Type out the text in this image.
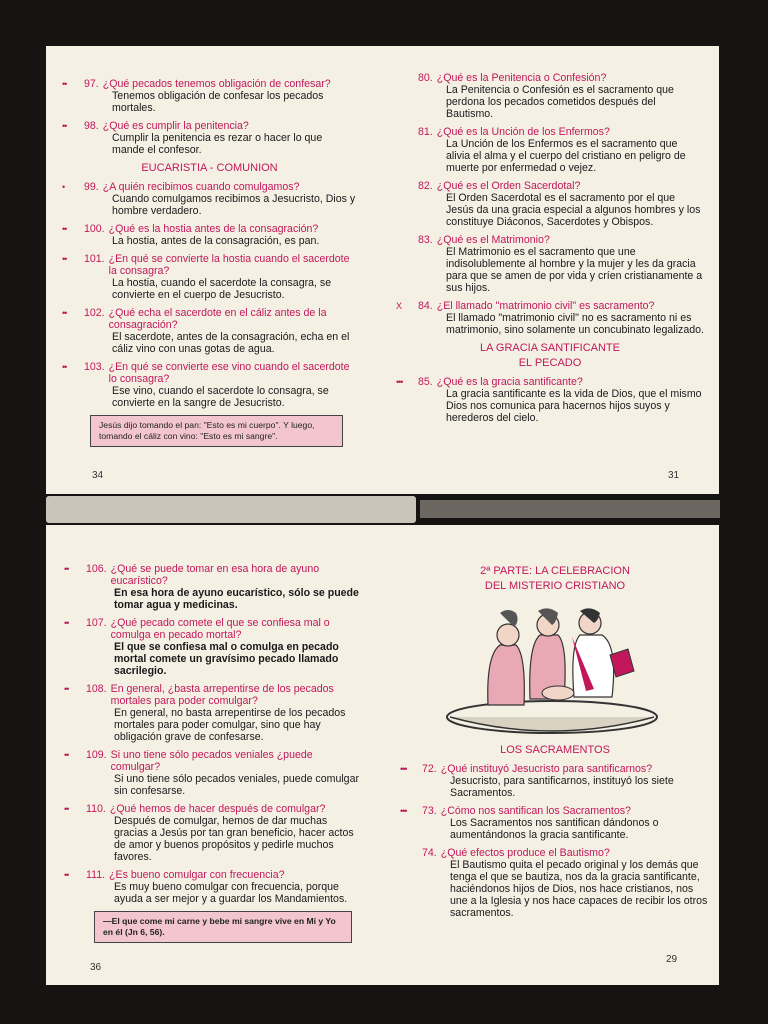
••	97. ¿Qué pecados tenemos obligación de confesar?
Tenemos obligación de confesar los pecados mortales.
••	98. ¿Qué es cumplir la penitencia?
Cumplir la penitencia es rezar o hacer lo que mande el confesor.
EUCARISTIA - COMUNION
•	99. ¿A quién recibimos cuando comulgamos?
Cuando comulgamos recibimos a Jesucristo, Dios y hombre verdadero.
••	100. ¿Qué es la hostia antes de la consagración?
La hostia, antes de la consagración, es pan.
••	101. ¿En qué se convierte la hostia cuando el sacerdote la consagra?
La hostia, cuando el sacerdote la consagra, se convierte en el cuerpo de Jesucristo.
••	102. ¿Qué echa el sacerdote en el cáliz antes de la consagración?
El sacerdote, antes de la consagración, echa en el cáliz vino con unas gotas de agua.
••	103. ¿En qué se convierte ese vino cuando el sacerdote lo consagra?
Ese vino, cuando el sacerdote lo consagra, se convierte en la sangre de Jesucristo.
Jesús dijo tomando el pan: "Esto es mi cuerpo". Y luego, tomando el cáliz con vino: "Esto es mi sangre".
34
80. ¿Qué es la Penitencia o Confesión?
La Penitencia o Confesión es el sacramento que perdona los pecados cometidos después del Bautismo.
81. ¿Qué es la Unción de los Enfermos?
La Unción de los Enfermos es el sacramento que alivia el alma y el cuerpo del cristiano en peligro de muerte por enfermedad o vejez.
82. ¿Qué es el Orden Sacerdotal?
El Orden Sacerdotal es el sacramento por el que Jesús da una gracia especial a algunos hombres y los constituye Diáconos, Sacerdotes y Obispos.
83. ¿Qué es el Matrimonio?
El Matrimonio es el sacramento que une indisolublemente al hombre y la mujer y les da gracia para que se amen de por vida y críen cristianamente a sus hijos.
X	84. ¿El llamado "matrimonio civil" es sacramento?
El llamado "matrimonio civil" no es sacramento ni es matrimonio, sino solamente un concubinato legalizado.
LA GRACIA SANTIFICANTE
EL PECADO
•••	85. ¿Qué es la gracia santificante?
La gracia santificante es la vida de Dios, que el mismo Dios nos comunica para hacernos hijos suyos y herederos del cielo.
31
••	106. ¿Qué se puede tomar en esa hora de ayuno eucarístico?
En esa hora de ayuno eucarístico, sólo se puede tomar agua y medicinas.
••	107. ¿Qué pecado comete el que se confiesa mal o comulga en pecado mortal?
El que se confiesa mal o comulga en pecado mortal comete un gravísimo pecado llamado sacrilegio.
••	108. En general, ¿basta arrepentirse de los pecados mortales para poder comulgar?
En general, no basta arrepentirse de los pecados mortales para poder comulgar, sino que hay obligación grave de confesarse.
••	109. Si uno tiene sólo pecados veniales ¿puede comulgar?
Si uno tiene sólo pecados veniales, puede comulgar sin confesarse.
••	110. ¿Qué hemos de hacer después de comulgar?
Después de comulgar, hemos de dar muchas gracias a Jesús por tan gran beneficio, hacer actos de amor y buenos propósitos y pedirle muchos favores.
••	111. ¿Es bueno comulgar con frecuencia?
Es muy bueno comulgar con frecuencia, porque ayuda a ser mejor y a guardar los Mandamientos.
—El que come mi carne y bebe mi sangre vive en Mí y Yo en él (Jn 6, 56).
36
2ª PARTE: LA CELEBRACION
DEL MISTERIO CRISTIANO
LOS SACRAMENTOS
•••	72. ¿Qué instituyó Jesucristo para santificarnos?
Jesucristo, para santificarnos, instituyó los siete Sacramentos.
•••	73. ¿Cómo nos santifican los Sacramentos?
Los Sacramentos nos santifican dándonos o aumentándonos la gracia santificante.
74. ¿Qué efectos produce el Bautismo?
El Bautismo quita el pecado original y los demás que tenga el que se bautiza, nos da la gracia santificante, haciéndonos hijos de Dios, nos hace cristianos, nos une a la Iglesia y nos hace capaces de recibir los otros sacramentos.
29
